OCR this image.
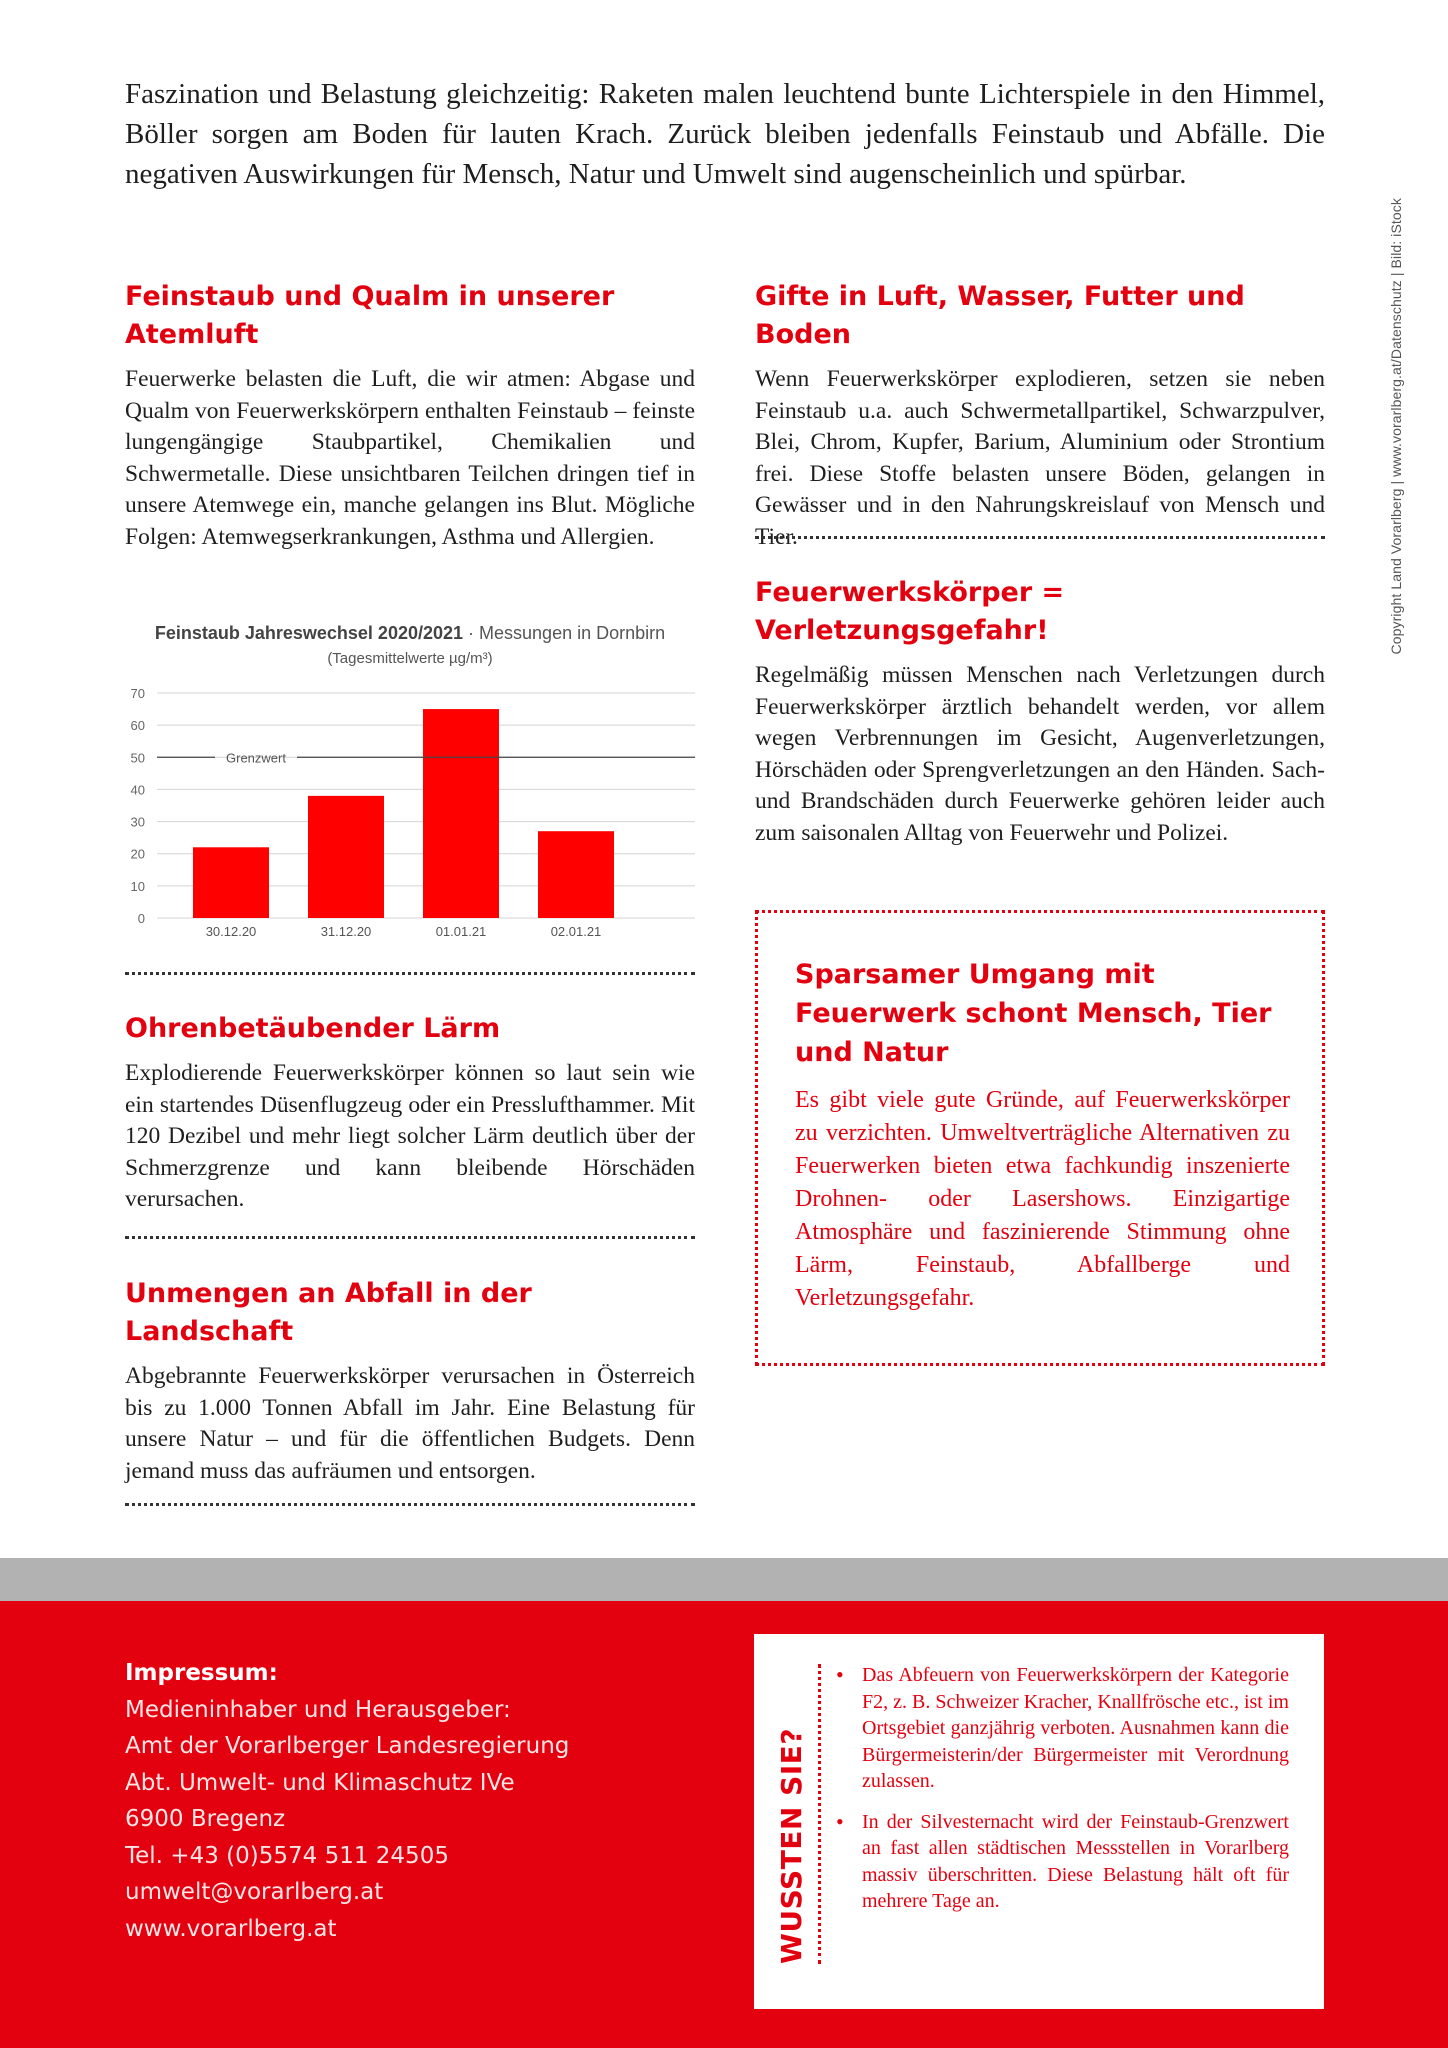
Faszination und Belastung gleichzeitig: Raketen malen leuchtend bunte Lichterspiele in den Himmel, Böller sorgen am Boden für lauten Krach. Zurück bleiben jedenfalls Feinstaub und Abfälle. Die negativen Auswirkungen für Mensch, Natur und Umwelt sind augenscheinlich und spürbar.

Copyright Land Vorarlberg | www.vorarlberg.at/Datenschutz | Bild: iStock
Feinstaub und Qualm in unserer Atemluft

Feuerwerke belasten die Luft, die wir atmen: Abgase und Qualm von Feuerwerkskörpern enthalten Feinstaub – feinste lungengängige Staubpartikel, Chemikalien und Schwermetalle. Diese unsichtbaren Teilchen dringen tief in unsere Atemwege ein, manche gelangen ins Blut. Mögliche Folgen: Atemwegserkrankungen, Asthma und Allergien.

Feinstaub Jahreswechsel 2020/2021 · Messungen in Dornbirn
(Tagesmittelwerte µg/m³)
0
10
20
30
40
50
60
70
30.12.20	31.12.20	01.01.21	02.01.21
Grenzwert
Ohrenbetäubender Lärm

Explodierende Feuerwerkskörper können so laut sein wie ein startendes Düsenflugzeug oder ein Presslufthammer. Mit 120 Dezibel und mehr liegt solcher Lärm deutlich über der Schmerzgrenze und kann bleibende Hörschäden verursachen.

Unmengen an Abfall in der Landschaft

Abgebrannte Feuerwerkskörper verursachen in Österreich bis zu 1.000 Tonnen Abfall im Jahr. Eine Belastung für unsere Natur – und für die öffentlichen Budgets. Denn jemand muss das aufräumen und entsorgen.

Gifte in Luft, Wasser, Futter und Boden

Wenn Feuerwerkskörper explodieren, setzen sie neben Feinstaub u.a. auch Schwermetallpartikel, Schwarzpulver, Blei, Chrom, Kupfer, Barium, Aluminium oder Strontium frei. Diese Stoffe belasten unsere Böden, gelangen in Gewässer und in den Nahrungskreislauf von Mensch und Tier.

Feuerwerkskörper = Verletzungsgefahr!

Regelmäßig müssen Menschen nach Verletzungen durch Feuerwerkskörper ärztlich behandelt werden, vor allem wegen Verbrennungen im Gesicht, Augenverletzungen, Hörschäden oder Sprengverletzungen an den Händen. Sach- und Brandschäden durch Feuerwerke gehören leider auch zum saisonalen Alltag von Feuerwehr und Polizei.

Sparsamer Umgang mit Feuerwerk schont Mensch, Tier und Natur

Es gibt viele gute Gründe, auf Feuerwerkskörper zu verzichten. Umweltverträgliche Alternativen zu Feuerwerken bieten etwa fachkundig inszenierte Drohnen- oder Lasershows. Einzigartige Atmosphäre und faszinierende Stimmung ohne Lärm, Feinstaub, Abfallberge und Verletzungsgefahr.

Impressum:
Medieninhaber und Herausgeber:
Amt der Vorarlberger Landesregierung
Abt. Umwelt- und Klimaschutz IVe
6900 Bregenz
Tel. +43 (0)5574 511 24505
umwelt@vorarlberg.at
www.vorarlberg.at	WUSSTEN SIE?
• Das Abfeuern von Feuerwerkskörpern der Kategorie F2, z. B. Schweizer Kracher, Knallfrösche etc., ist im Ortsgebiet ganzjährig verboten. Ausnahmen kann die Bürgermeisterin/der Bürgermeister mit Verordnung zulassen.
• In der Silvesternacht wird der Feinstaub-Grenzwert an fast allen städtischen Messstellen in Vorarlberg massiv überschritten. Diese Belastung hält oft für mehrere Tage an.
